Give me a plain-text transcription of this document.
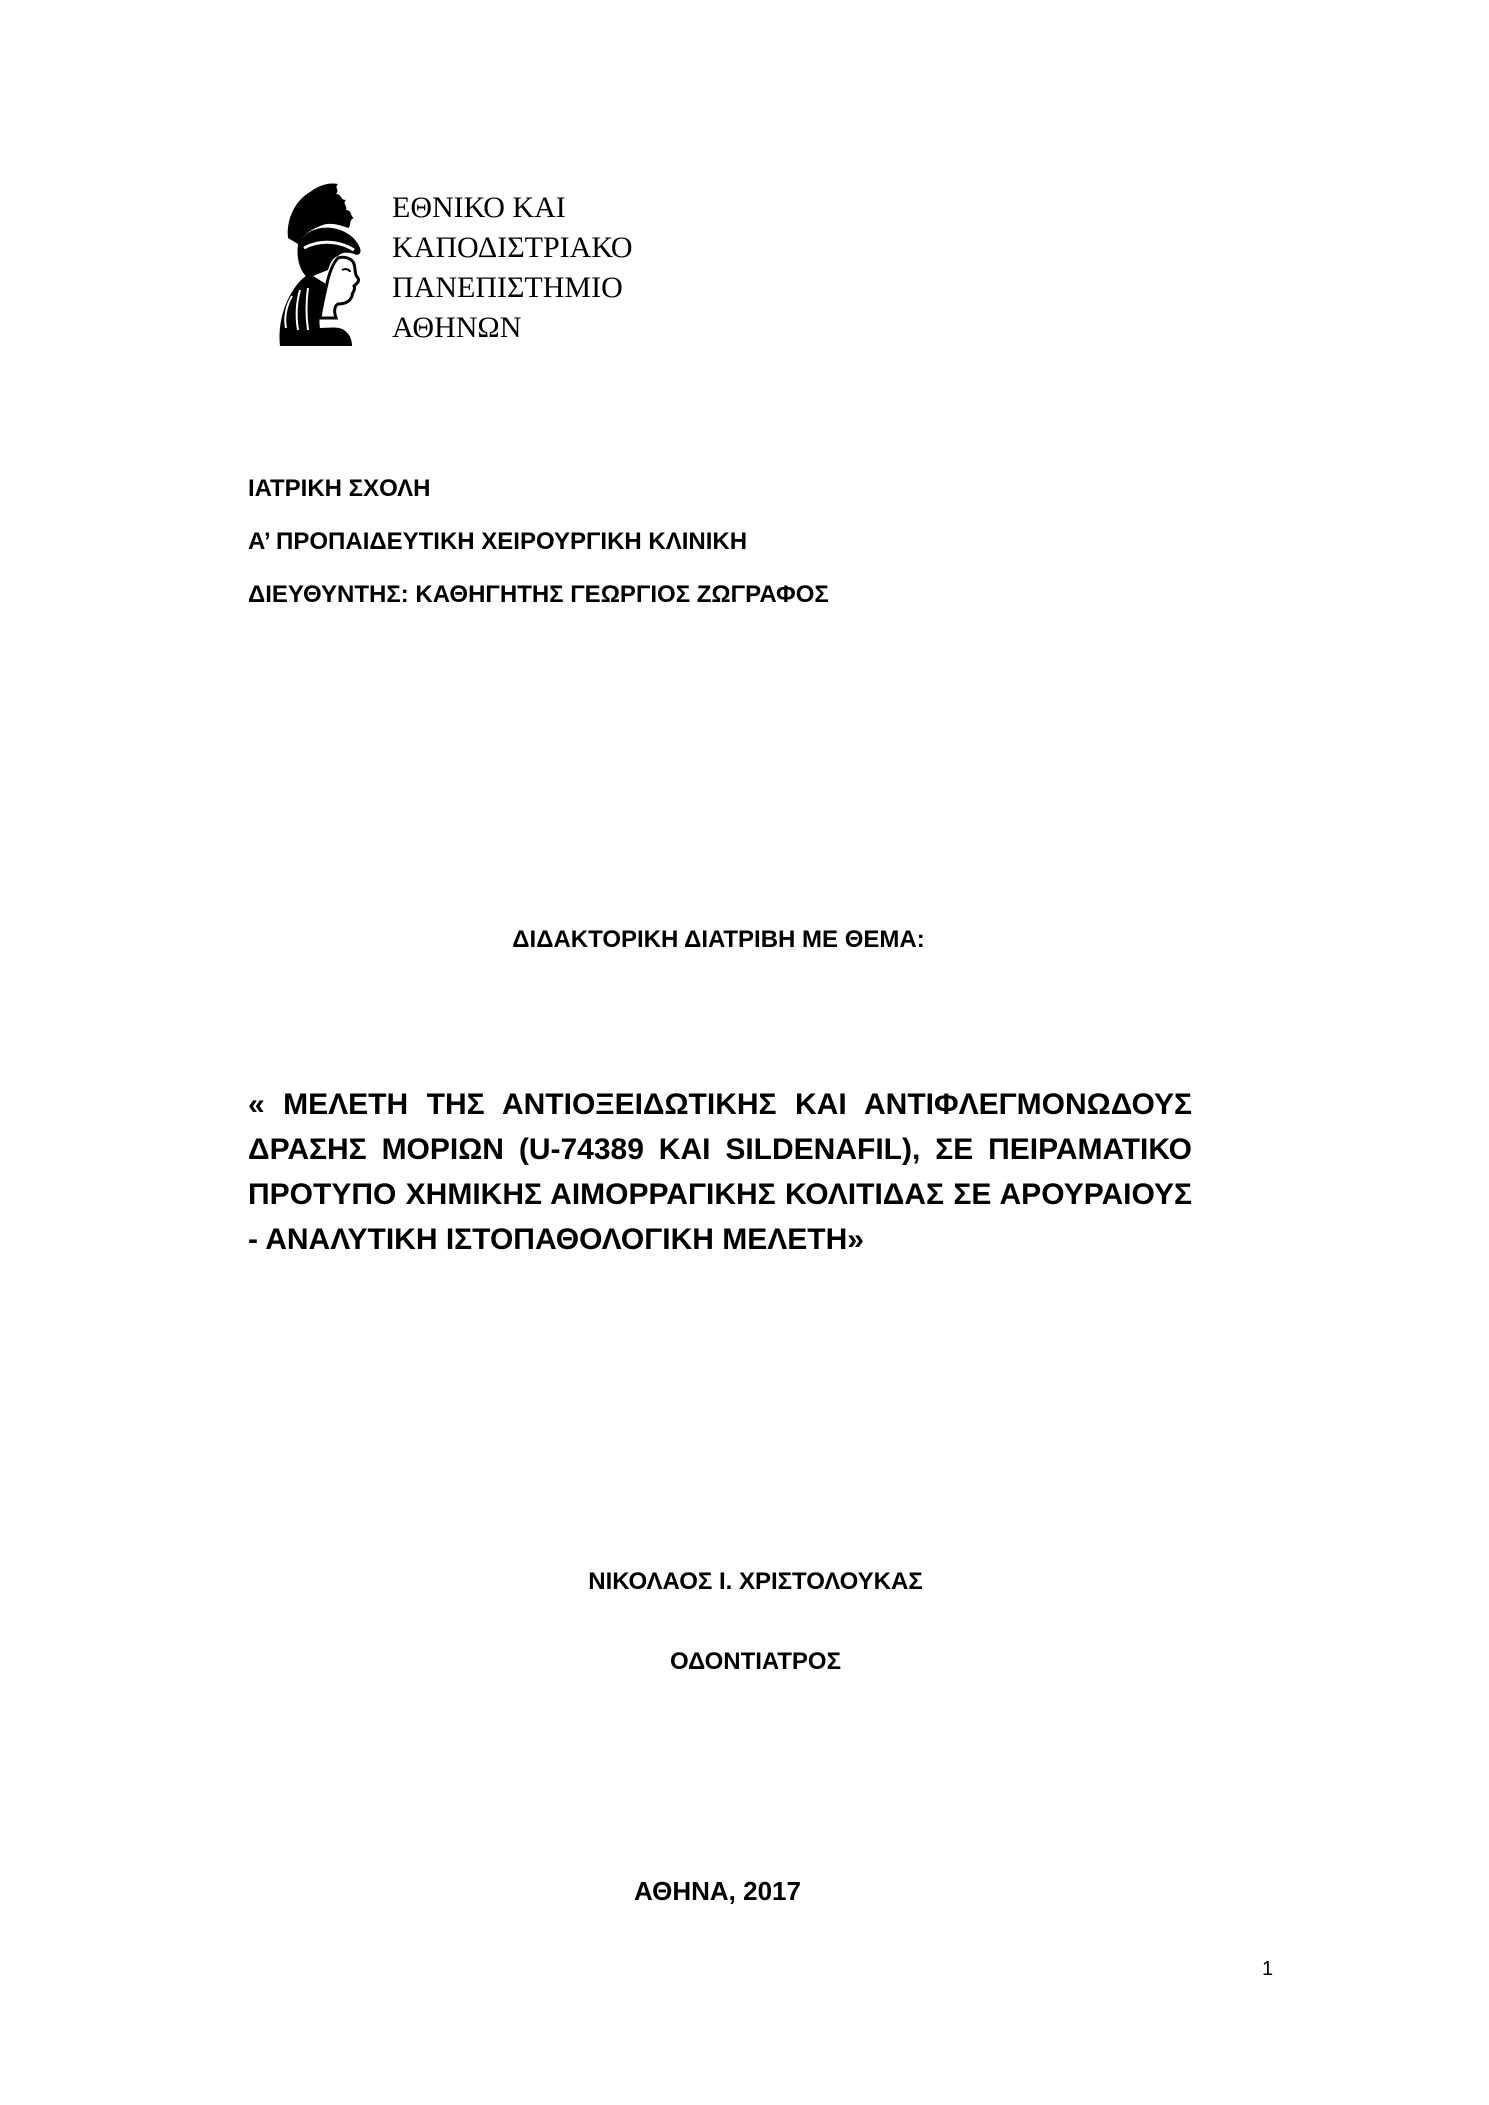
ΕΘΝΙΚΟ ΚΑΙ
ΚΑΠΟΔΙΣΤΡΙΑΚΟ
ΠΑΝΕΠΙΣΤΗΜΙΟ
ΑΘΗΝΩΝ
ΙΑΤΡΙΚΗ ΣΧΟΛΗ
Α’ ΠΡΟΠΑΙΔΕΥΤΙΚΗ ΧΕΙΡΟΥΡΓΙΚΗ ΚΛΙΝΙΚΗ
ΔΙΕΥΘΥΝΤΗΣ: ΚΑΘΗΓΗΤΗΣ ΓΕΩΡΓΙΟΣ ΖΩΓΡΑΦΟΣ
ΔΙΔΑΚΤΟΡΙΚΗ ΔΙΑΤΡΙΒΗ ΜΕ ΘΕΜΑ:
« ΜΕΛΕΤΗ ΤΗΣ ΑΝΤΙΟΞΕΙΔΩΤΙΚΗΣ ΚΑΙ ΑΝΤΙΦΛΕΓΜΟΝΩΔΟΥΣ ΔΡΑΣΗΣ ΜΟΡΙΩΝ (U-74389 ΚΑΙ SILDENAFIL), ΣΕ ΠΕΙΡΑΜΑΤΙΚΟ ΠΡΟΤΥΠΟ ΧΗΜΙΚΗΣ ΑΙΜΟΡΡΑΓΙΚΗΣ ΚΟΛΙΤΙΔΑΣ ΣΕ ΑΡΟΥΡΑΙΟΥΣ - ΑΝΑΛΥΤΙΚΗ ΙΣΤΟΠΑΘΟΛΟΓΙΚΗ ΜΕΛΕΤΗ»
ΝΙΚΟΛΑΟΣ Ι. ΧΡΙΣΤΟΛΟΥΚΑΣ
ΟΔΟΝΤΙΑΤΡΟΣ
ΑΘΗΝΑ, 2017
1
